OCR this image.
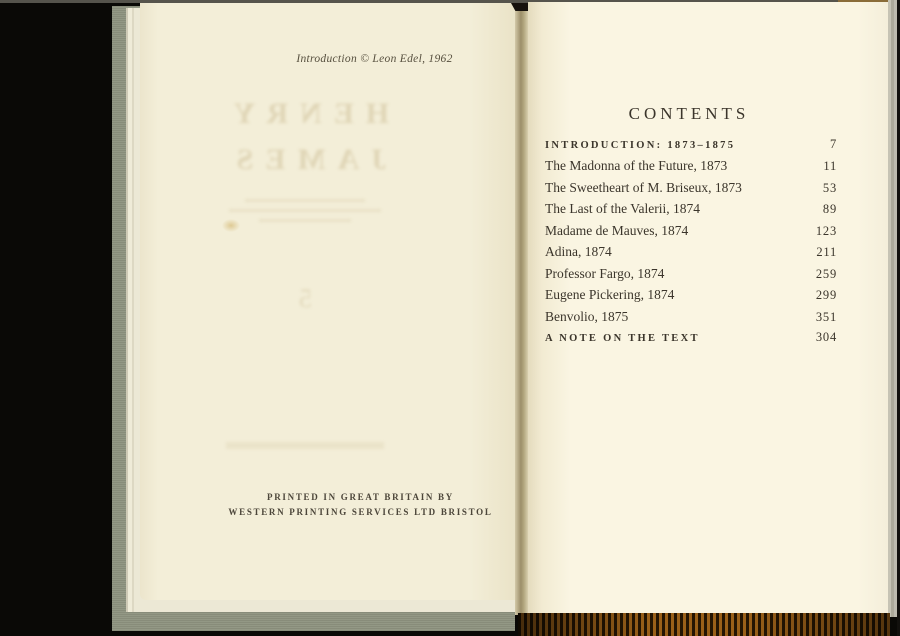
Introduction © Leon Edel, 1962
HENRY
JAMES
5
PRINTED IN GREAT BRITAIN BY
WESTERN PRINTING SERVICES LTD BRISTOL
CONTENTS
INTRODUCTION: 1873–1875	7
The Madonna of the Future, 1873	11
The Sweetheart of M. Briseux, 1873	53
The Last of the Valerii, 1874	89
Madame de Mauves, 1874	123
Adina, 1874	211
Professor Fargo, 1874	259
Eugene Pickering, 1874	299
Benvolio, 1875	351
A NOTE ON THE TEXT	304
